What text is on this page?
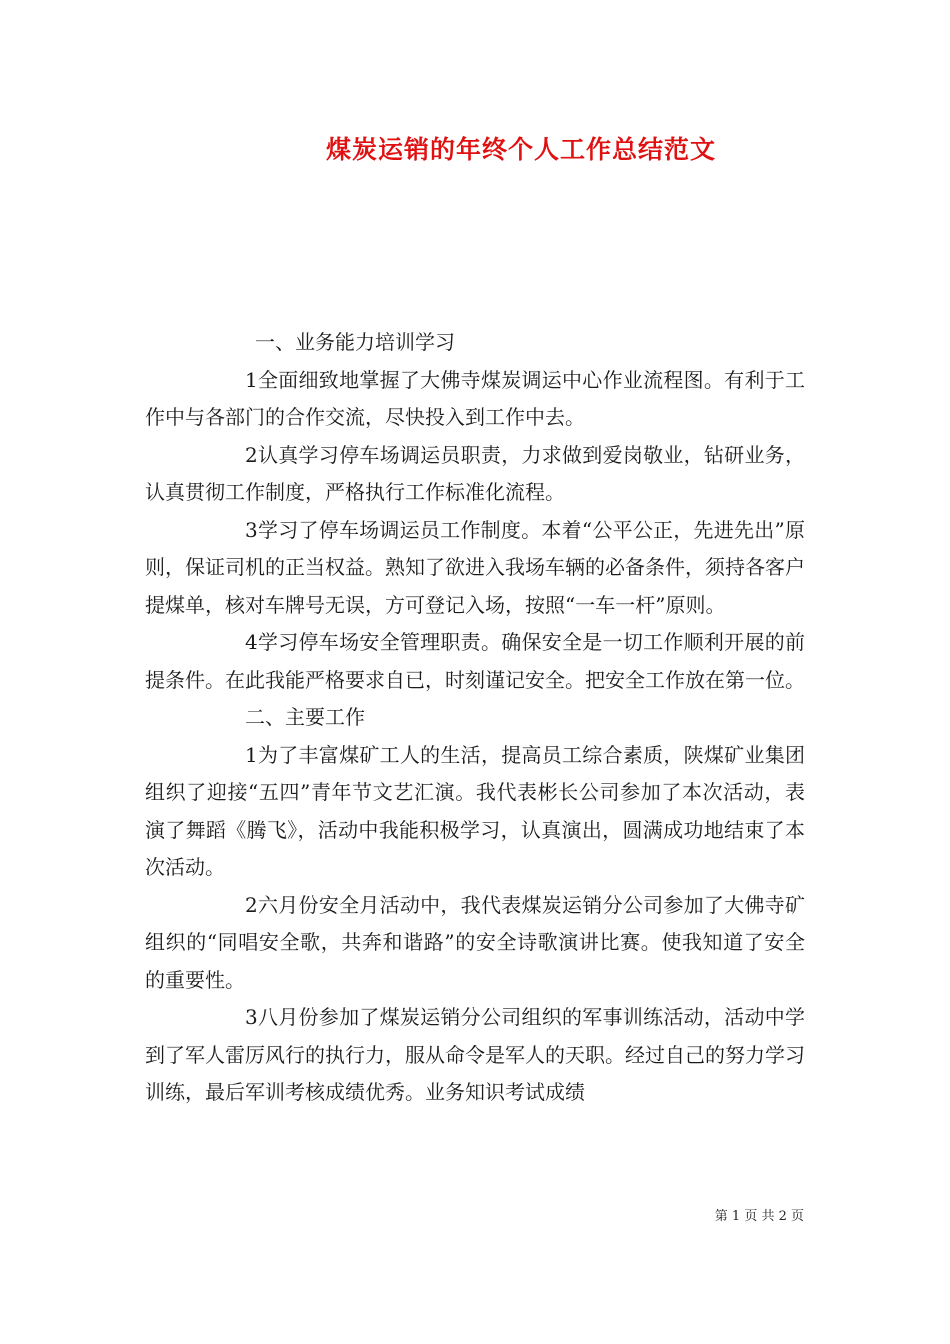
煤炭运销的年终个人工作总结范文

一、业务能力培训学习

1全面细致地掌握了大佛寺煤炭调运中心作业流程图。有利于工作中与各部门的合作交流，尽快投入到工作中去。

2认真学习停车场调运员职责，力求做到爱岗敬业，钻研业务，认真贯彻工作制度，严格执行工作标准化流程。

3学习了停车场调运员工作制度。本着“公平公正，先进先出”原则，保证司机的正当权益。熟知了欲进入我场车辆的必备条件，须持各客户提煤单，核对车牌号无误，方可登记入场，按照“一车一杆”原则。

4学习停车场安全管理职责。确保安全是一切工作顺利开展的前提条件。在此我能严格要求自已，时刻谨记安全。把安全工作放在第一位。

二、主要工作

1为了丰富煤矿工人的生活，提高员工综合素质，陕煤矿业集团组织了迎接“五四”青年节文艺汇演。我代表彬长公司参加了本次活动，表演了舞蹈《腾飞》，活动中我能积极学习，认真演出，圆满成功地结束了本次活动。

2六月份安全月活动中，我代表煤炭运销分公司参加了大佛寺矿组织的“同唱安全歌，共奔和谐路”的安全诗歌演讲比赛。使我知道了安全的重要性。

3八月份参加了煤炭运销分公司组织的军事训练活动，活动中学到了军人雷厉风行的执行力，服从命令是军人的天职。经过自己的努力学习训练，最后军训考核成绩优秀。业务知识考试成绩

第 1 页 共 2 页
